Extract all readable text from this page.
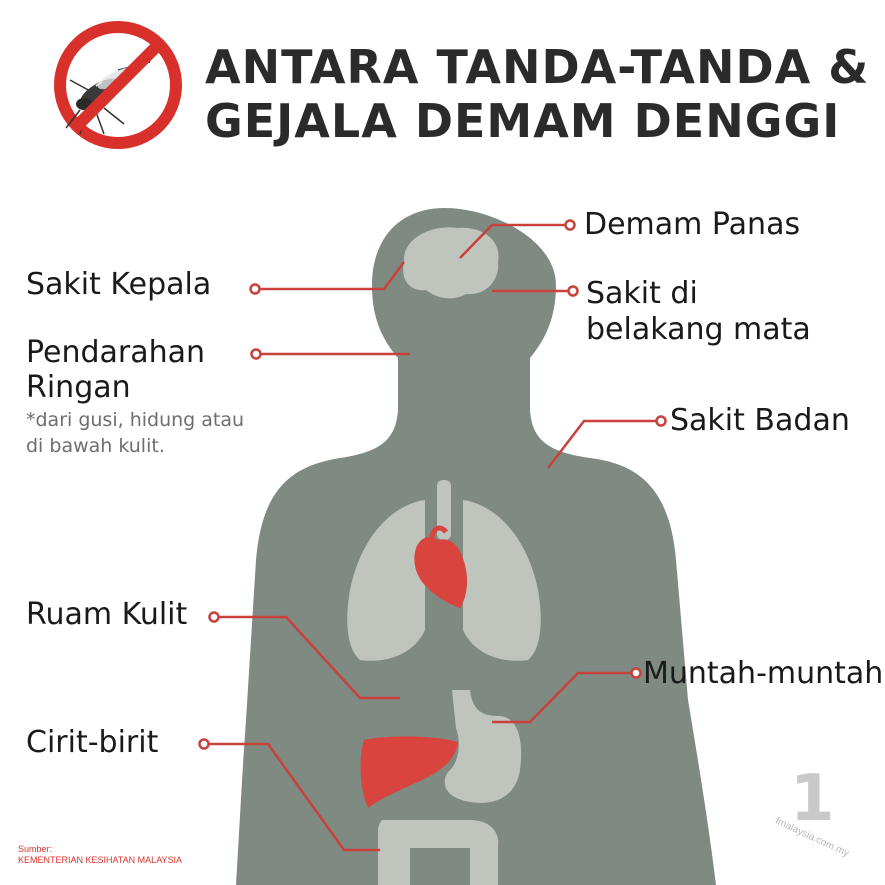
1
ANTARA TANDA-TANDA &
GEJALA DEMAM DENGGI
Demam Panas
Sakit Kepala	Sakit di
belakang mata
Pendarahan
Ringan
*dari gusi, hidung atau
di bawah kulit.
Sakit Badan
Ruam Kulit
Muntah-muntah
Cirit-birit
Sumber:
KEMENTERIAN KESIHATAN MALAYSIA
fmalaysia.com.my
